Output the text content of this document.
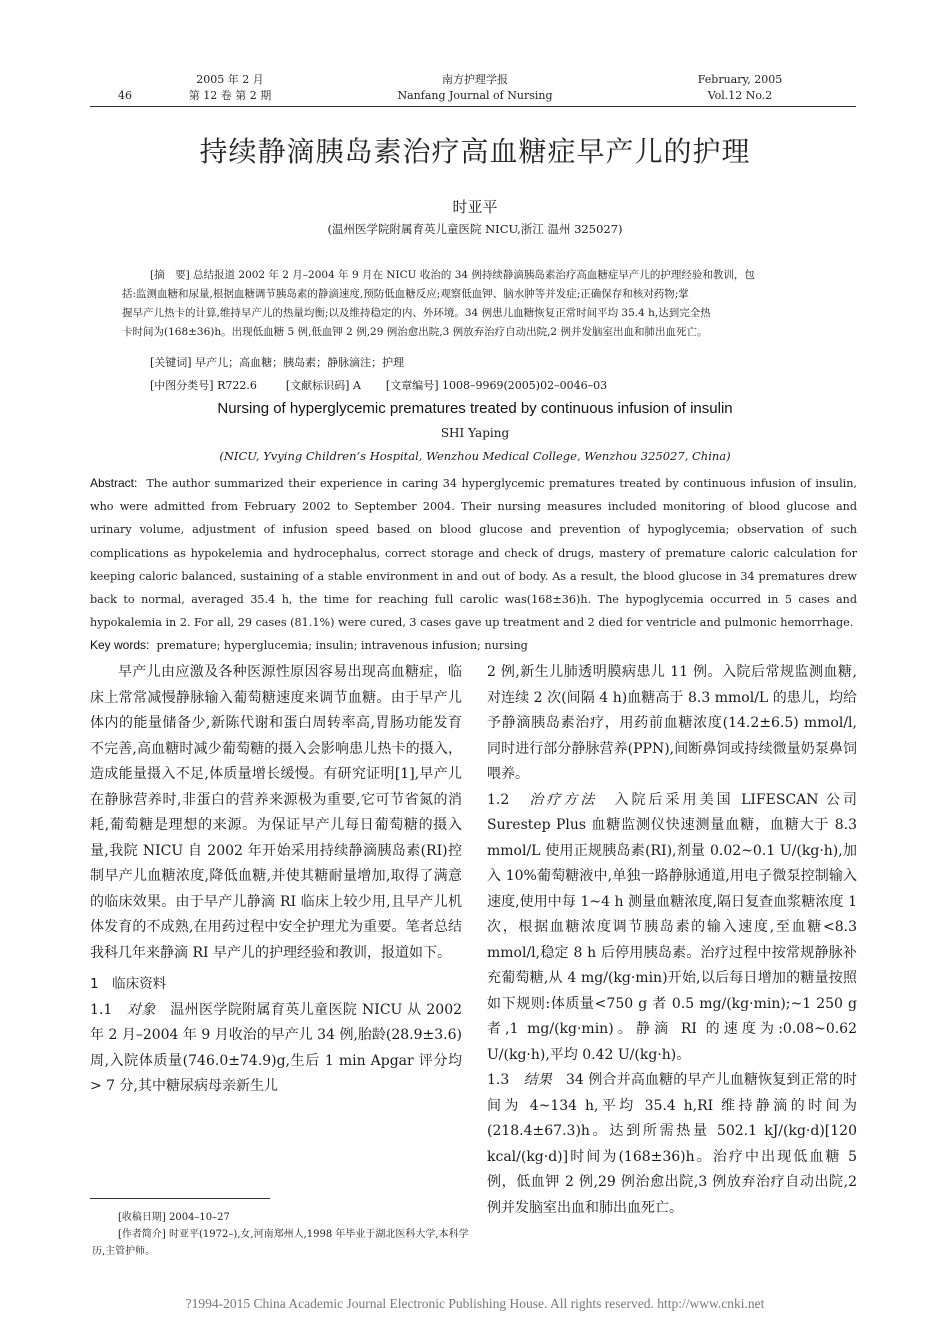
46
2005 年 2 月
第 12 卷 第 2 期
南方护理学报
Nanfang Journal of Nursing
February, 2005
Vol.12 No.2
持续静滴胰岛素治疗高血糖症早产儿的护理
时亚平
(温州医学院附属育英儿童医院 NICU,浙江 温州 325027)

[摘　要] 总结报道 2002 年 2 月–2004 年 9 月在 NICU 收治的 34 例持续静滴胰岛素治疗高血糖症早产儿的护理经验和教训，包

括:监测血糖和尿量,根据血糖调节胰岛素的静滴速度,预防低血糖反应;观察低血钾、脑水肿等并发症;正确保存和核对药物;掌

握早产儿热卡的计算,维持早产儿的热量均衡;以及维持稳定的内、外环境。34 例患儿血糖恢复正常时间平均 35.4 h,达到完全热

卡时间为(168±36)h。出现低血糖 5 例,低血钾 2 例,29 例治愈出院,3 例放弃治疗自动出院,2 例并发脑室出血和肺出血死亡。

[关键词] 早产儿；高血糖；胰岛素；静脉滴注；护理
[中图分类号] R722.6	[文献标识码] A [文章编号] 1008–9969(2005)02–0046–03
Nursing of hyperglycemic prematures treated by continuous infusion of insulin
SHI Yaping
(NICU, Yvying Children’s Hospital, Wenzhou Medical College, Wenzhou 325027, China)

Abstract: The author summarized their experience in caring 34 hyperglycemic prematures treated by continuous infusion of insulin, who were admitted from February 2002 to September 2004. Their nursing measures included monitoring of blood glucose and urinary volume, adjustment of infusion speed based on blood glucose and prevention of hypoglycemia; observation of such complications as hypokelemia and hydrocephalus, correct storage and check of drugs, mastery of premature caloric calculation for keeping caloric balanced, sustaining of a stable environment in and out of body. As a result, the blood glucose in 34 prematures drew back to normal, averaged 35.4 h, the time for reaching full carolic was(168±36)h. The hypoglycemia occurred in 5 cases and hypokalemia in 2. For all, 29 cases (81.1%) were cured, 3 cases gave up treatment and 2 died for ventricle and pulmonic hemorrhage.

Key words: premature; hyperglucemia; insulin; intravenous infusion; nursing

早产儿由应激及各种医源性原因容易出现高血糖症，临床上常常减慢静脉输入葡萄糖速度来调节血糖。由于早产儿体内的能量储备少,新陈代谢和蛋白周转率高,胃肠功能发育不完善,高血糖时减少葡萄糖的摄入会影响患儿热卡的摄入，造成能量摄入不足,体质量增长缓慢。有研究证明[1],早产儿在静脉营养时,非蛋白的营养来源极为重要,它可节省氮的消耗,葡萄糖是理想的来源。为保证早产儿每日葡萄糖的摄入量,我院 NICU 自 2002 年开始采用持续静滴胰岛素(RI)控制早产儿血糖浓度,降低血糖,并使其糖耐量增加,取得了满意的临床效果。由于早产儿静滴 RI 临床上较少用,且早产儿机体发育的不成熟,在用药过程中安全护理尤为重要。笔者总结我科几年来静滴 RI 早产儿的护理经验和教训，报道如下。

1　临床资料

1.1　对象　温州医学院附属育英儿童医院 NICU 从 2002 年 2 月–2004 年 9 月收治的早产儿 34 例,胎龄(28.9±3.6)周,入院体质量(746.0±74.9)g,生后 1 min Apgar 评分均 > 7 分,其中糖尿病母亲新生儿

[收稿日期] 2004–10–27

[作者简介] 时亚平(1972–),女,河南郑州人,1998 年毕业于湖北医科大学,本科学历,主管护师。

2 例,新生儿肺透明膜病患儿 11 例。入院后常规监测血糖,对连续 2 次(间隔 4 h)血糖高于 8.3 mmol/L 的患儿，均给予静滴胰岛素治疗，用药前血糖浓度(14.2±6.5) mmol/l,同时进行部分静脉营养(PPN),间断鼻饲或持续微量奶泵鼻饲喂养。

1.2　治疗方法　入院后采用美国 LIFESCAN 公司 Surestep Plus 血糖监测仪快速测量血糖，血糖大于 8.3 mmol/L 使用正规胰岛素(RI),剂量 0.02~0.1 U/(kg·h),加入 10%葡萄糖液中,单独一路静脉通道,用电子微泵控制输入速度,使用中每 1~4 h 测量血糖浓度,隔日复查血浆糖浓度 1 次，根据血糖浓度调节胰岛素的输入速度,至血糖<8.3 mmol/l,稳定 8 h 后停用胰岛素。治疗过程中按常规静脉补充葡萄糖,从 4 mg/(kg·min)开始,以后每日增加的糖量按照如下规则:体质量<750 g 者 0.5 mg/(kg·min);~1 250 g 者,1 mg/(kg·min)。静滴 RI 的速度为:0.08~0.62 U/(kg·h),平均 0.42 U/(kg·h)。

1.3　结果　34 例合并高血糖的早产儿血糖恢复到正常的时间为 4~134 h,平均 35.4 h,RI 维持静滴的时间为(218.4±67.3)h。达到所需热量 502.1 kJ/(kg·d)[120 kcal/(kg·d)]时间为(168±36)h。治疗中出现低血糖 5 例，低血钾 2 例,29 例治愈出院,3 例放弃治疗自动出院,2 例并发脑室出血和肺出血死亡。

?1994-2015 China Academic Journal Electronic Publishing House. All rights reserved. http://www.cnki.net
